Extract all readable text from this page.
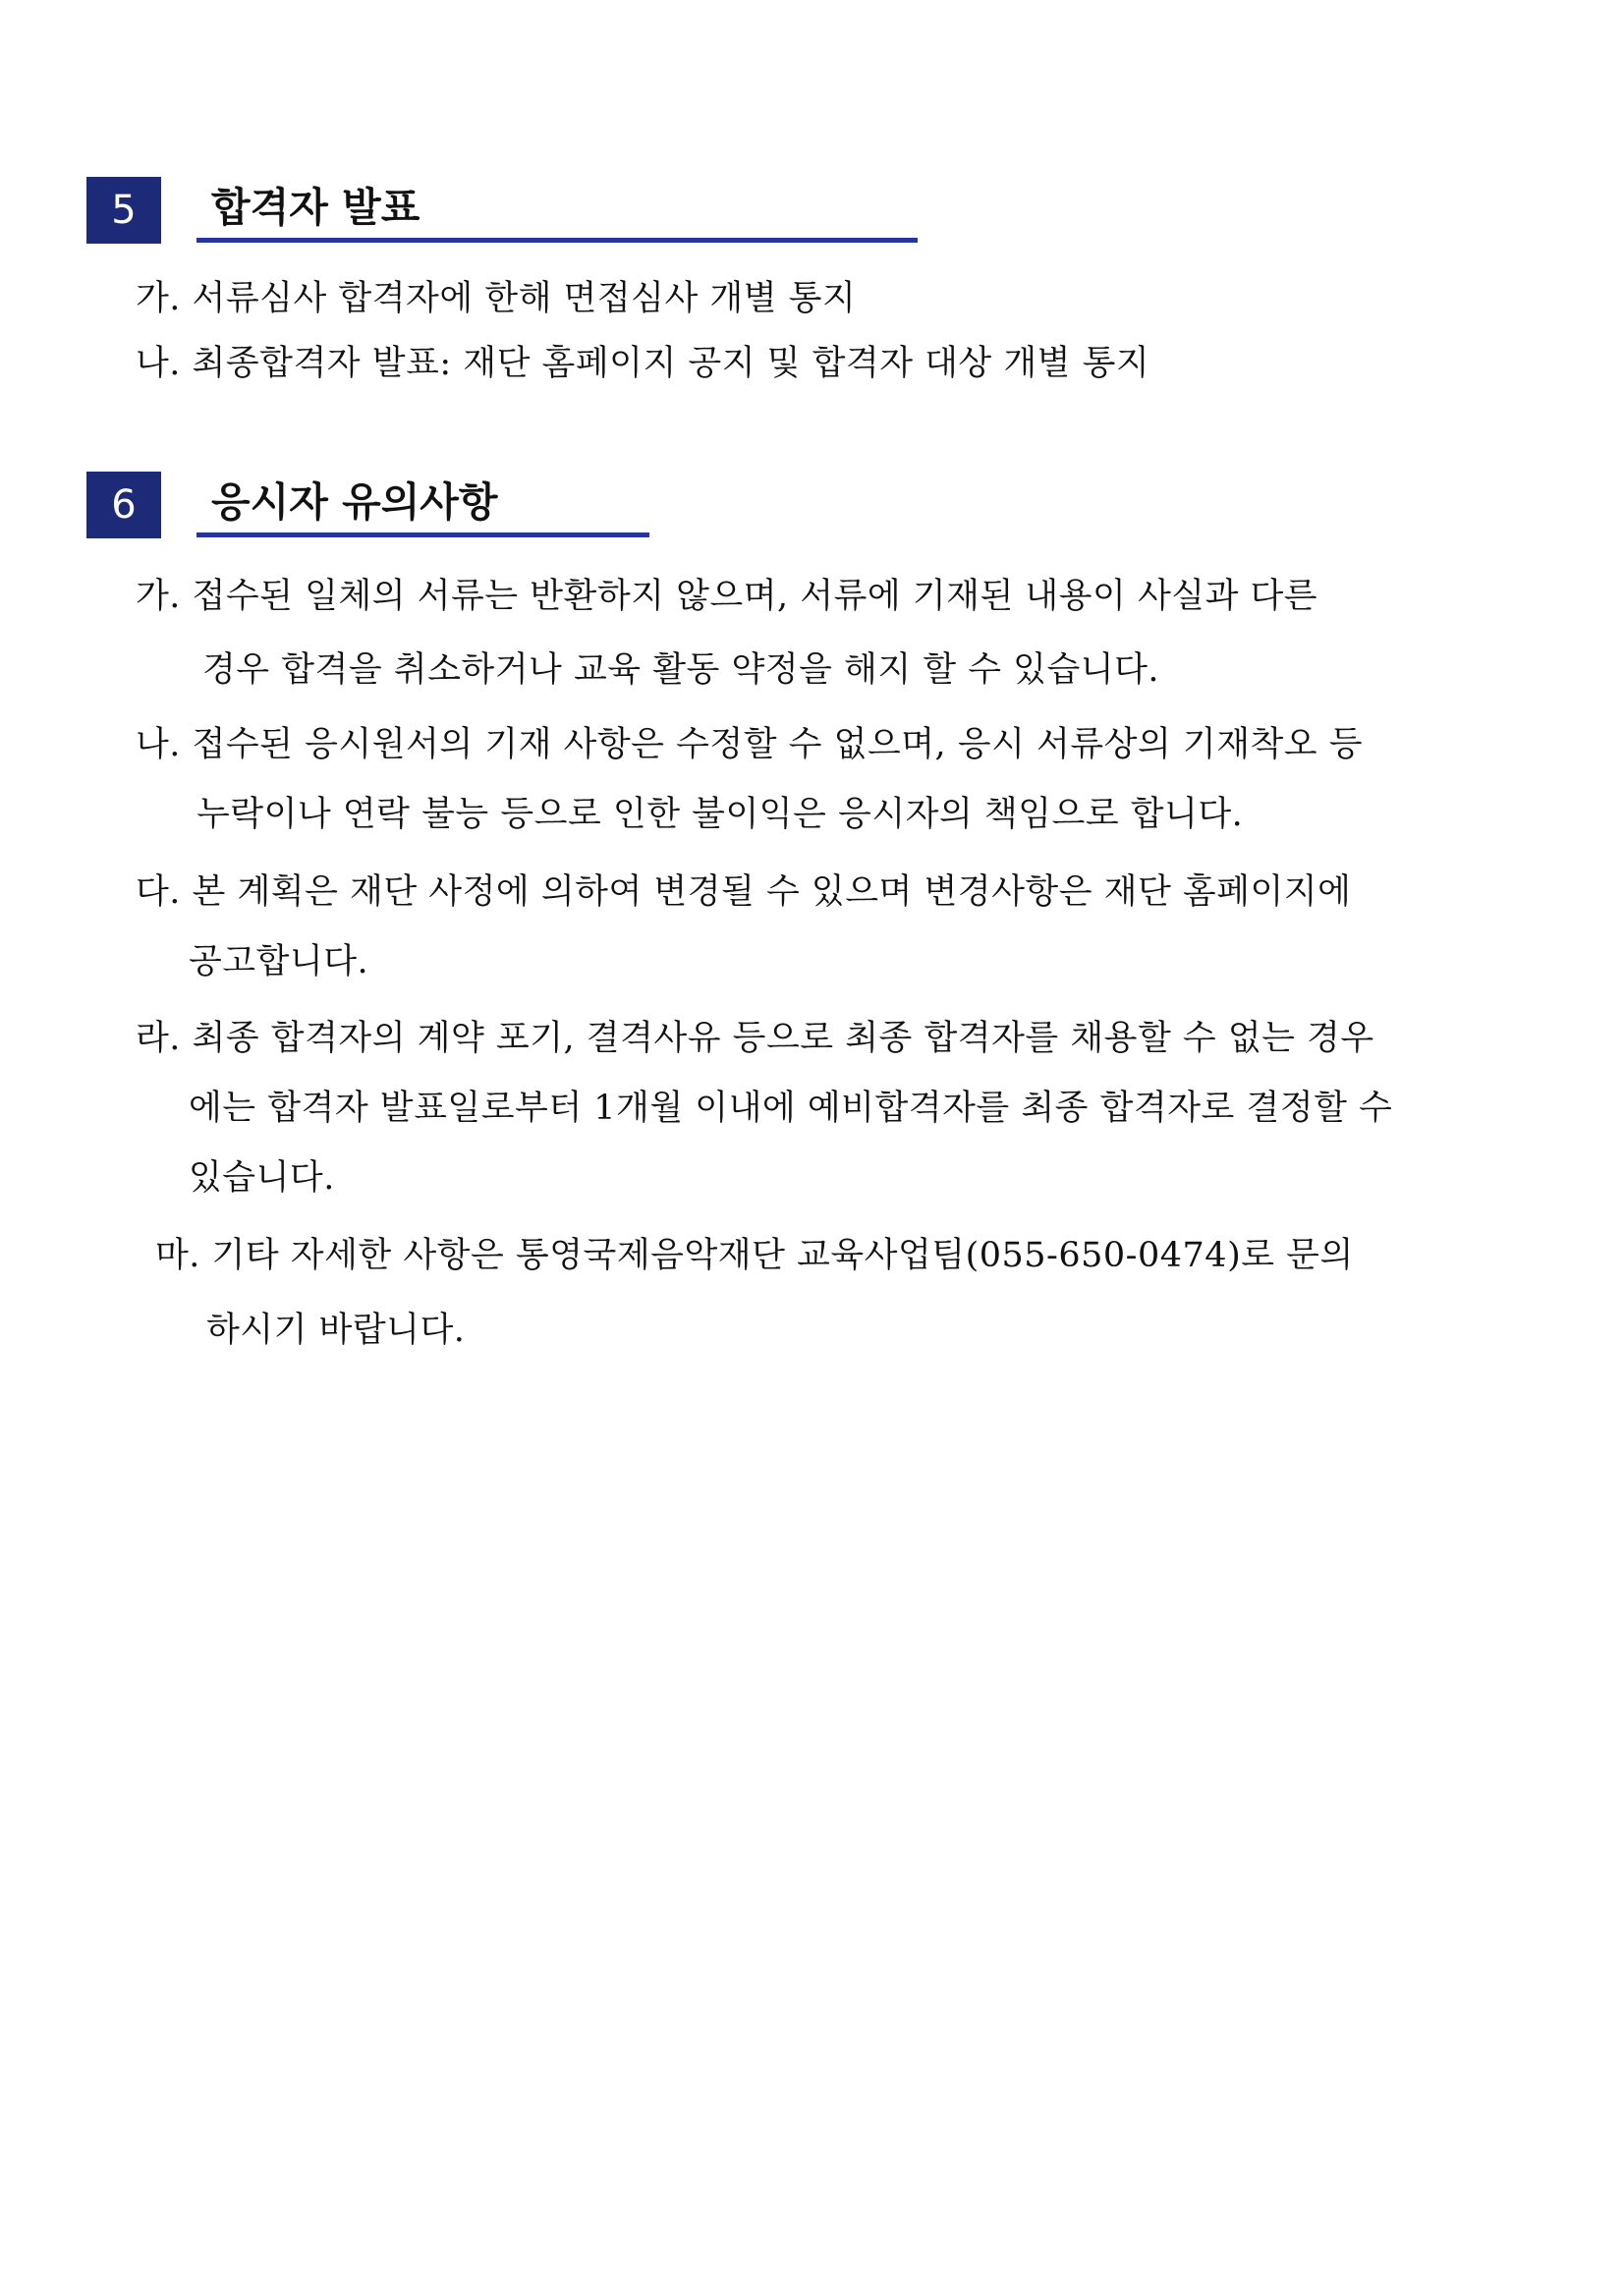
5	합격자 발표
가. 서류심사 합격자에 한해 면접심사 개별 통지
나. 최종합격자 발표: 재단 홈페이지 공지 및 합격자 대상 개별 통지
6	응시자 유의사항
가. 접수된 일체의 서류는 반환하지 않으며, 서류에 기재된 내용이 사실과 다른
경우 합격을 취소하거나 교육 활동 약정을 해지 할 수 있습니다.
나. 접수된 응시원서의 기재 사항은 수정할 수 없으며, 응시 서류상의 기재착오 등
누락이나 연락 불능 등으로 인한 불이익은 응시자의 책임으로 합니다.
다. 본 계획은 재단 사정에 의하여 변경될 수 있으며 변경사항은 재단 홈페이지에
공고합니다.
라. 최종 합격자의 계약 포기, 결격사유 등으로 최종 합격자를 채용할 수 없는 경우
에는 합격자 발표일로부터 1개월 이내에 예비합격자를 최종 합격자로 결정할 수
있습니다.
마. 기타 자세한 사항은 통영국제음악재단 교육사업팀(055-650-0474)로 문의
하시기 바랍니다.
